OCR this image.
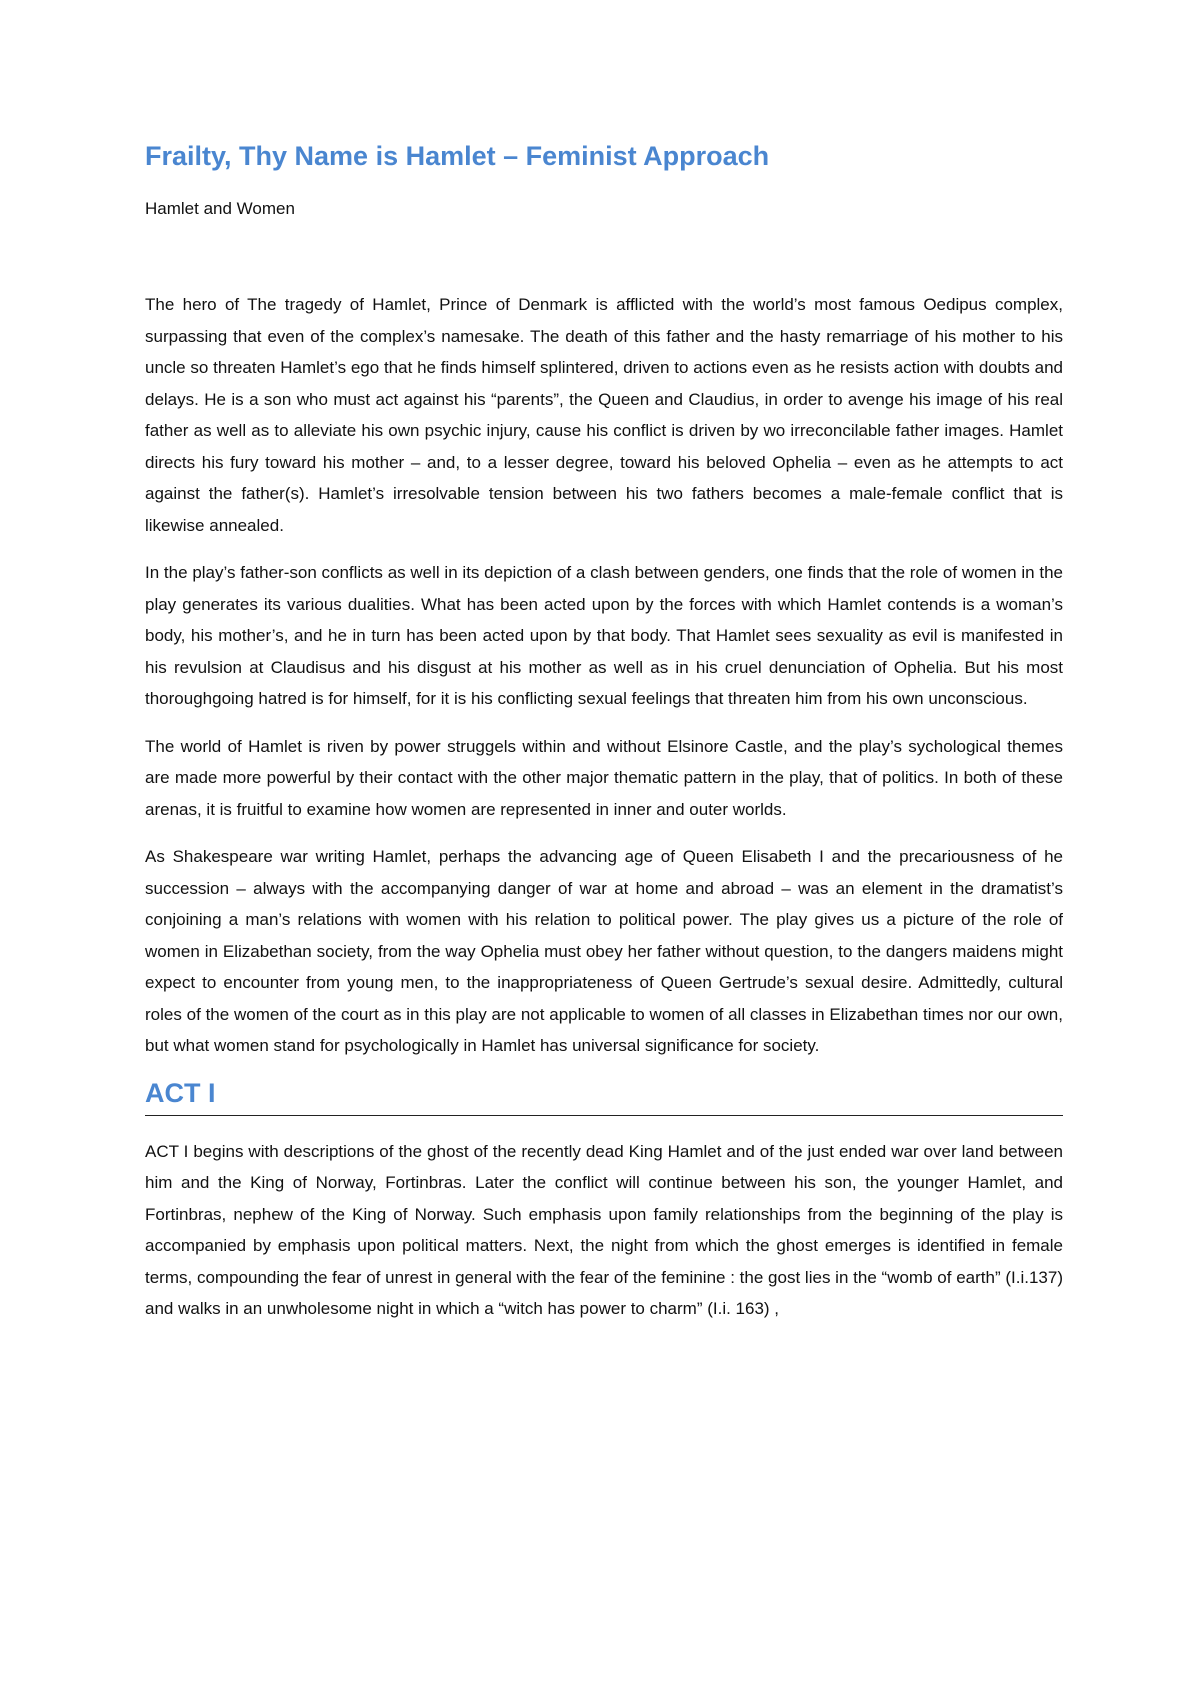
Frailty, Thy Name is Hamlet – Feminist Approach

Hamlet and Women

The hero of The tragedy of Hamlet, Prince of Denmark is afflicted with the world’s most famous Oedipus complex, surpassing that even of the complex’s namesake. The death of this father and the hasty remarriage of his mother to his uncle so threaten Hamlet’s ego that he finds himself splintered, driven to actions even as he resists action with doubts and delays. He is a son who must act against his “parents”, the Queen and Claudius, in order to avenge his image of his real father as well as to alleviate his own psychic injury, cause his conflict is driven by wo irreconcilable father images. Hamlet directs his fury toward his mother – and, to a lesser degree, toward his beloved Ophelia – even as he attempts to act against the father(s). Hamlet’s irresolvable tension between his two fathers becomes a male-female conflict that is likewise annealed.

In the play’s father-son conflicts as well in its depiction of a clash between genders, one finds that the role of women in the play generates its various dualities. What has been acted upon by the forces with which Hamlet contends is a woman’s body, his mother’s, and he in turn has been acted upon by that body. That Hamlet sees sexuality as evil is manifested in his revulsion at Claudisus and his disgust at his mother as well as in his cruel denunciation of Ophelia. But his most thoroughgoing hatred is for himself, for it is his conflicting sexual feelings that threaten him from his own unconscious.

The world of Hamlet is riven by power struggels within and without Elsinore Castle, and the play’s sychological themes are made more powerful by their contact with the other major thematic pattern in the play, that of politics. In both of these arenas, it is fruitful to examine how women are represented in inner and outer worlds.

As Shakespeare war writing Hamlet, perhaps the advancing age of Queen Elisabeth I and the precariousness of he succession – always with the accompanying danger of war at home and abroad – was an element in the dramatist’s conjoining a man’s relations with women with his relation to political power. The play gives us a picture of the role of women in Elizabethan society, from the way Ophelia must obey her father without question, to the dangers maidens might expect to encounter from young men, to the inappropriateness of Queen Gertrude’s sexual desire. Admittedly, cultural roles of the women of the court as in this play are not applicable to women of all classes in Elizabethan times nor our own, but what women stand for psychologically in Hamlet has universal significance for society.

ACT I

ACT I begins with descriptions of the ghost of the recently dead King Hamlet and of the just ended war over land between him and the King of Norway, Fortinbras. Later the conflict will continue between his son, the younger Hamlet, and Fortinbras, nephew of the King of Norway. Such emphasis upon family relationships from the beginning of the play is accompanied by emphasis upon political matters. Next, the night from which the ghost emerges is identified in female terms, compounding the fear of unrest in general with the fear of the feminine : the gost lies in the “womb of earth” (I.i.137) and walks in an unwholesome night in which a “witch has power to charm” (I.i. 163) ,
